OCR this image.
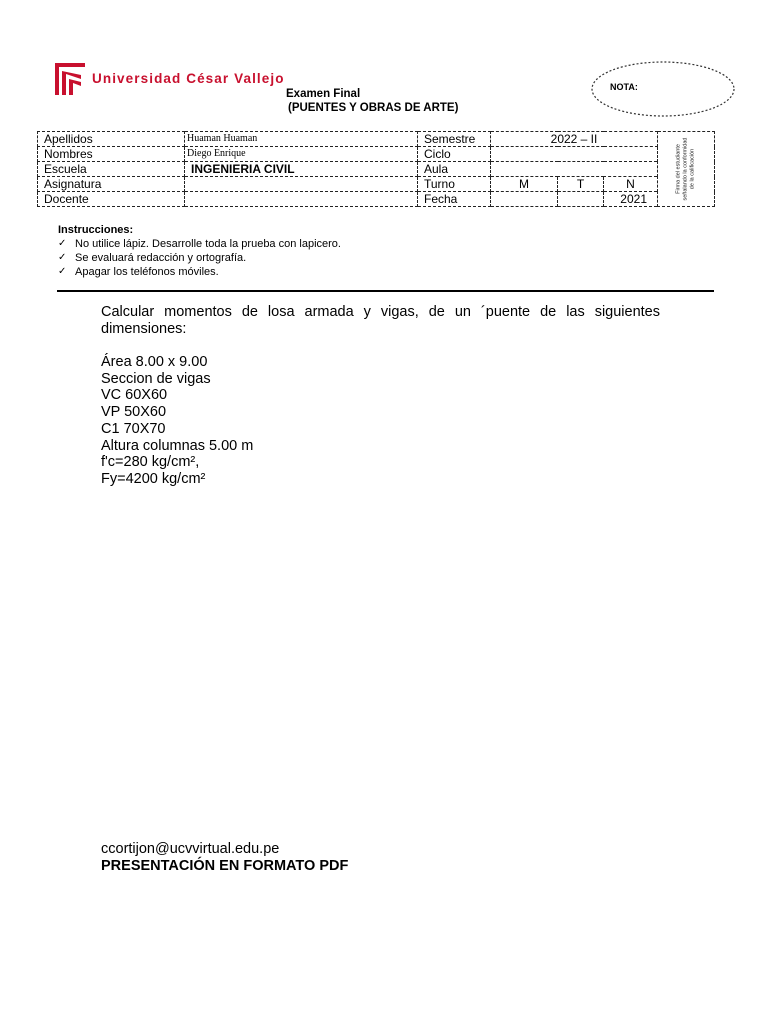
Universidad César Vallejo
Examen Final
(PUENTES Y OBRAS DE ARTE)
NOTA:
Apellidos	Huaman Huaman	Semestre	2022 – II			Firma del estudiante señalando la conformidad de la calificación

Nombres	Diego Enrique	Ciclo				
Escuela	INGENIERIA CIVIL	Aula				
Asignatura		Turno	M	T	N	
Docente		Fecha			2021	
Instrucciones:
✓ No utilice lápiz. Desarrolle toda la prueba con lapicero.
✓ Se evaluará redacción y ortografía.
✓ Apagar los teléfonos móviles.

Calcular momentos de losa armada y vigas, de un ´puente de las siguientes dimensiones:

Área 8.00 x 9.00
Seccion de vigas
VC 60X60
VP 50X60
C1 70X70
Altura columnas 5.00 m
f'c=280 kg/cm²,
Fy=4200 kg/cm²
ccortijon@ucvvirtual.edu.pe
PRESENTACIÓN EN FORMATO PDF
